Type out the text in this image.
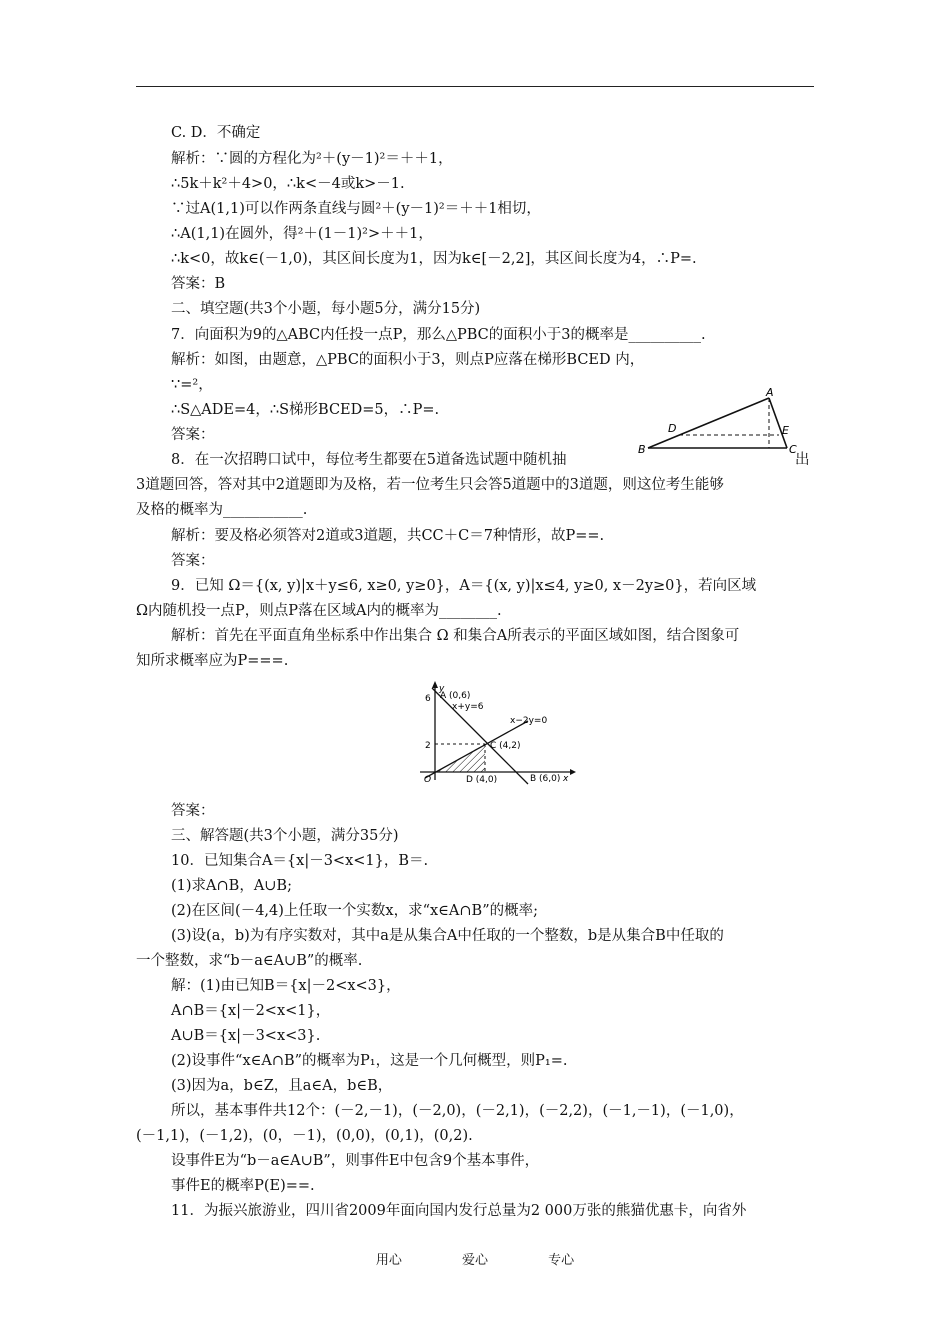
C. D．不确定
解析：∵圆的方程化为²＋(y－1)²＝＋＋1，
∴5k＋k²＋4>0，∴k<－4或k>－1.
∵过A(1,1)可以作两条直线与圆²＋(y－1)²＝＋＋1相切，
∴A(1,1)在圆外，得²＋(1－1)²>＋＋1，
∴k<0，故k∈(－1,0)，其区间长度为1，因为k∈[－2,2]，其区间长度为4，∴P=.
答案：B
二、填空题(共3个小题，每小题5分，满分15分)
7．向面积为9的△ABC内任投一点P，那么△PBC的面积小于3的概率是__________.
解析：如图，由题意，△PBC的面积小于3，则点P应落在梯形BCED 内，
∵=²，
∴S△ADE=4，∴S梯形BCED=5，∴P=.
答案：
8．在一次招聘口试中，每位考生都要在5道备选试题中随机抽	出
3道题回答，答对其中2道题即为及格，若一位考生只会答5道题中的3道题，则这位考生能够
及格的概率为___________.
解析：要及格必须答对2道或3道题，共CC＋C＝7种情形，故P==.
答案：
9．已知 Ω＝{(x, y)|x＋y≤6, x≥0, y≥0}，A＝{(x, y)|x≤4, y≥0, x－2y≥0}，若向区域
Ω内随机投一点P，则点P落在区域A内的概率为________.
解析：首先在平面直角坐标系中作出集合 Ω 和集合A所表示的平面区域如图，结合图象可
知所求概率应为P===.
答案：
三、解答题(共3个小题，满分35分)
10．已知集合A＝{x|－3<x<1}，B＝.
(1)求A∩B，A∪B;
(2)在区间(－4,4)上任取一个实数x，求“x∈A∩B”的概率;
(3)设(a，b)为有序实数对，其中a是从集合A中任取的一个整数，b是从集合B中任取的
一个整数，求“b－a∈A∪B”的概率.
解：(1)由已知B＝{x|－2<x<3}，
A∩B＝{x|－2<x<1}，
A∪B＝{x|－3<x<3}.
(2)设事件“x∈A∩B”的概率为P₁，这是一个几何概型，则P₁=.
(3)因为a，b∈Z，且a∈A，b∈B，
所以，基本事件共12个：(－2,－1)，(－2,0)，(－2,1)，(－2,2)，(－1,－1)，(－1,0)，
(－1,1)，(－1,2)，(0，－1)，(0,0)，(0,1)，(0,2).
设事件E为“b－a∈A∪B”，则事件E中包含9个基本事件，
事件E的概率P(E)==.
11．为振兴旅游业，四川省2009年面向国内发行总量为2 000万张的熊猫优惠卡，向省外
A
D	E
B	C
y
6 A (0,6)
x+y=6
x−2y=0
2	C (4,2)
O	D (4,0)	B (6,0) x
用心	爱心	专心
